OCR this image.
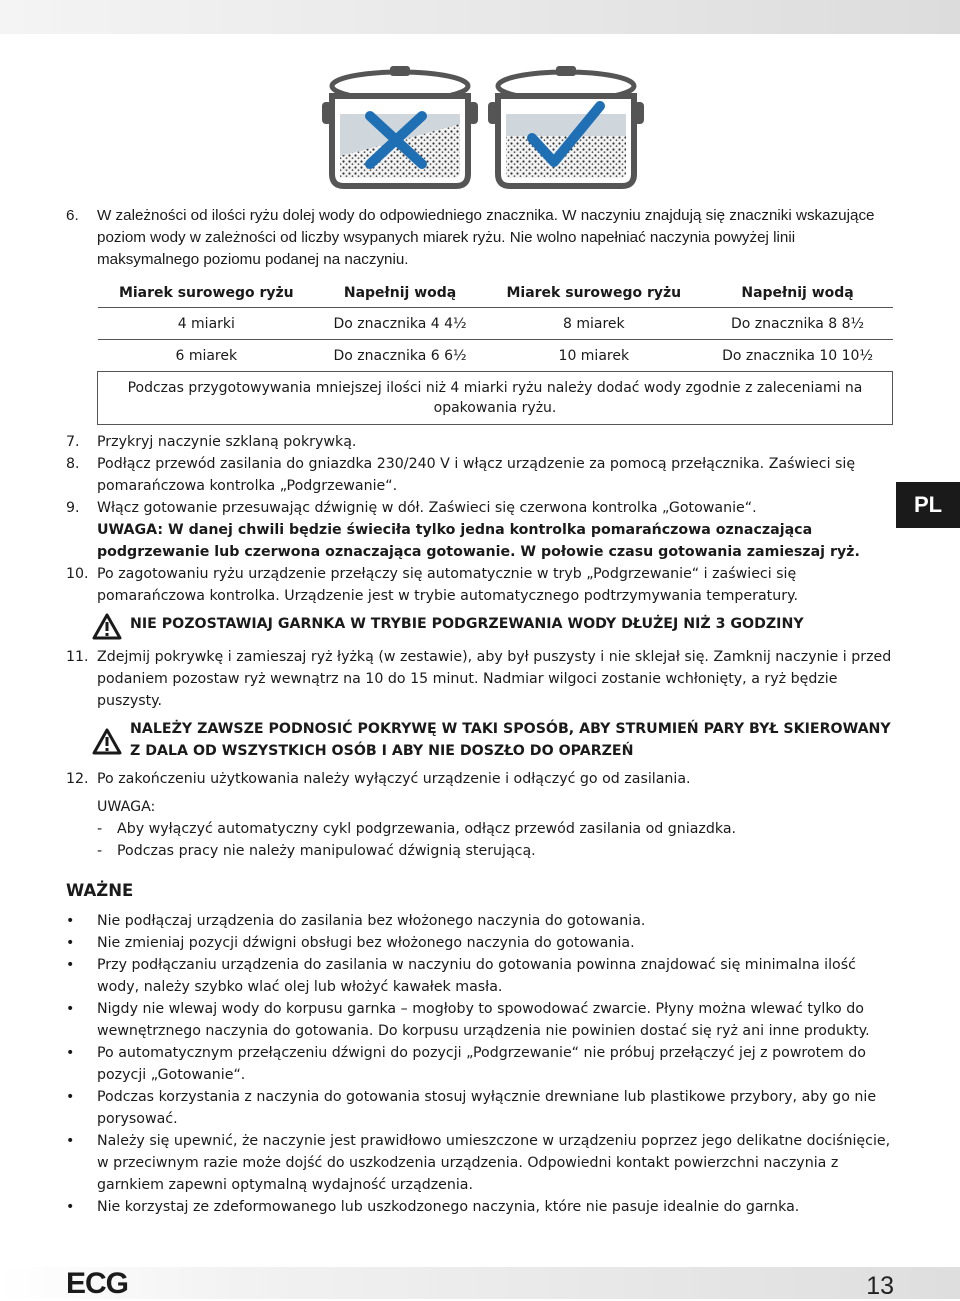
PL

6. W zależności od ilości ryżu dolej wody do odpowiedniego znacznika. W naczyniu znajdują się znaczniki wskazujące poziom wody w zależności od liczby wsypanych miarek ryżu. Nie wolno napełniać naczynia powyżej linii maksymalnego poziomu podanej na naczyniu.

Miarek surowego ryżu	Napełnij wodą	Miarek surowego ryżu	Napełnij wodą
4 miarki	Do znacznika 4 4½	8 miarek	Do znacznika 8 8½
6 miarek	Do znacznika 6 6½	10 miarek	Do znacznika 10 10½
Podczas przygotowywania mniejszej ilości niż 4 miarki ryżu należy dodać wody zgodnie z zaleceniami na opakowania ryżu.			

7. Przykryj naczynie szklaną pokrywką.

8. Podłącz przewód zasilania do gniazdka 230/240 V i włącz urządzenie za pomocą przełącznika. Zaświeci się pomarańczowa kontrolka „Podgrzewanie“.

9. Włącz gotowanie przesuwając dźwignię w dół. Zaświeci się czerwona kontrolka „Gotowanie“.

UWAGA: W danej chwili będzie świeciła tylko jedna kontrolka pomarańczowa oznaczająca podgrzewanie lub czerwona oznaczająca gotowanie. W połowie czasu gotowania zamieszaj ryż.

10. Po zagotowaniu ryżu urządzenie przełączy się automatycznie w tryb „Podgrzewanie“ i zaświeci się pomarańczowa kontrolka. Urządzenie jest w trybie automatycznego podtrzymywania temperatury.

NIE POZOSTAWIAJ GARNKA W TRYBIE PODGRZEWANIA WODY DŁUŻEJ NIŻ 3 GODZINY

11. Zdejmij pokrywkę i zamieszaj ryż łyżką (w zestawie), aby był puszysty i nie sklejał się. Zamknij naczynie i przed podaniem pozostaw ryż wewnątrz na 10 do 15 minut. Nadmiar wilgoci zostanie wchłonięty, a ryż będzie puszysty.

NALEŻY ZAWSZE PODNOSIĆ POKRYWĘ W TAKI SPOSÓB, ABY STRUMIEŃ PARY BYŁ SKIEROWANY Z DALA OD WSZYSTKICH OSÓB I ABY NIE DOSZŁO DO OPARZEŃ

12. Po zakończeniu użytkowania należy wyłączyć urządzenie i odłączyć go od zasilania.

UWAGA:
- Aby wyłączyć automatyczny cykl podgrzewania, odłącz przewód zasilania od gniazdka.
- Podczas pracy nie należy manipulować dźwignią sterującą.
WAŻNE
• Nie podłączaj urządzenia do zasilania bez włożonego naczynia do gotowania.
• Nie zmieniaj pozycji dźwigni obsługi bez włożonego naczynia do gotowania.
• Przy podłączaniu urządzenia do zasilania w naczyniu do gotowania powinna znajdować się minimalna ilość wody, należy szybko wlać olej lub włożyć kawałek masła.
• Nigdy nie wlewaj wody do korpusu garnka – mogłoby to spowodować zwarcie. Płyny można wlewać tylko do wewnętrznego naczynia do gotowania. Do korpusu urządzenia nie powinien dostać się ryż ani inne produkty.
• Po automatycznym przełączeniu dźwigni do pozycji „Podgrzewanie“ nie próbuj przełączyć jej z powrotem do pozycji „Gotowanie“.
• Podczas korzystania z naczynia do gotowania stosuj wyłącznie drewniane lub plastikowe przybory, aby go nie porysować.
• Należy się upewnić, że naczynie jest prawidłowo umieszczone w urządzeniu poprzez jego delikatne dociśnięcie, w przeciwnym razie może dojść do uszkodzenia urządzenia. Odpowiedni kontakt powierzchni naczynia z garnkiem zapewni optymalną wydajność urządzenia.
• Nie korzystaj ze zdeformowanego lub uszkodzonego naczynia, które nie pasuje idealnie do garnka.
ECG	13
